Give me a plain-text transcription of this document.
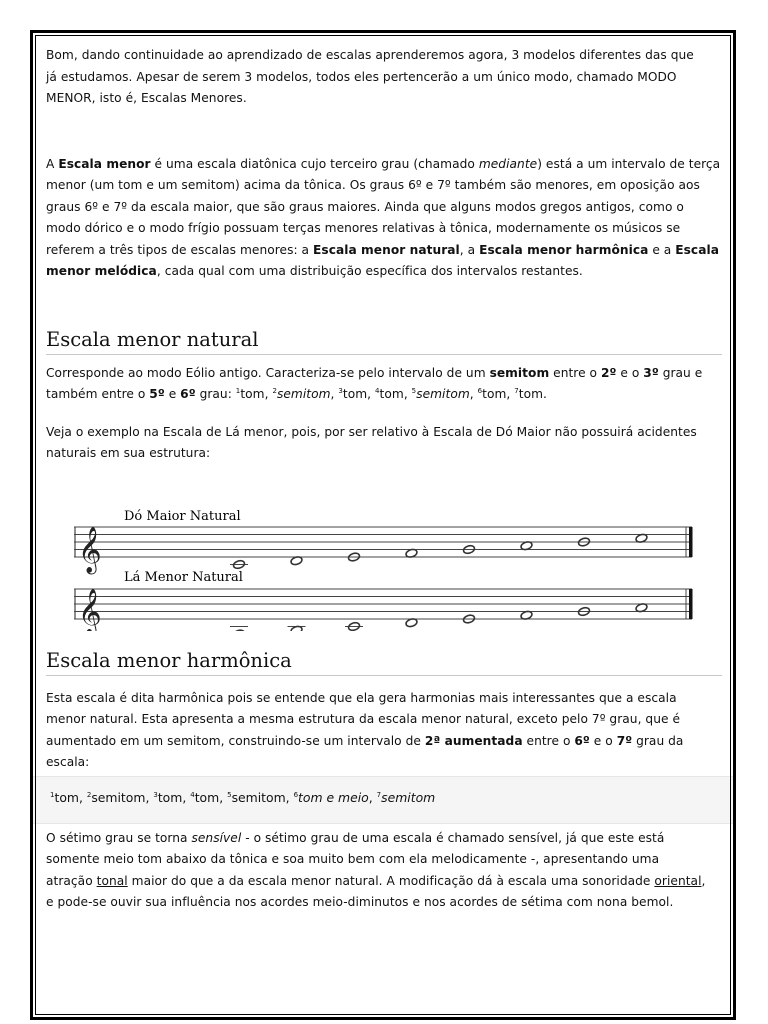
Bom, dando continuidade ao aprendizado de escalas aprenderemos agora, 3 modelos diferentes das que já estudamos. Apesar de serem 3 modelos, todos eles pertencerão a um único modo, chamado MODO MENOR, isto é, Escalas Menores.

A Escala menor é uma escala diatônica cujo terceiro grau (chamado mediante) está a um intervalo de terça menor (um tom e um semitom) acima da tônica. Os graus 6º e 7º também são menores, em oposição aos graus 6º e 7º da escala maior, que são graus maiores. Ainda que alguns modos gregos antigos, como o modo dórico e o modo frígio possuam terças menores relativas à tônica, modernamente os músicos se referem a três tipos de escalas menores: a Escala menor natural, a Escala menor harmônica e a Escala menor melódica, cada qual com uma distribuição específica dos intervalos restantes.

Escala menor natural

Corresponde ao modo Eólio antigo. Caracteriza-se pelo intervalo de um semitom entre o 2º e o 3º grau e também entre o 5º e 6º grau: $^1$tom, $^2$semitom, $^3$tom, $^4$tom, $^5$semitom, $^6$tom, $^7$tom.

Veja o exemplo na Escala de Lá menor, pois, por ser relativo à Escala de Dó Maior não possuirá acidentes naturais em sua estrutura:

Dó Maior Natural
Lá Menor Natural
𝄞
𝄞
Escala menor harmônica

Esta escala é dita harmônica pois se entende que ela gera harmonias mais interessantes que a escala menor natural. Esta apresenta a mesma estrutura da escala menor natural, exceto pelo 7º grau, que é aumentado em um semitom, construindo-se um intervalo de 2ª aumentada entre o 6º e o 7º grau da escala:

$^1$tom, $^2$semitom, $^3$tom, $^4$tom, $^5$semitom, $^6$tom e meio, $^7$semitom

O sétimo grau se torna sensível - o sétimo grau de uma escala é chamado sensível, já que este está somente meio tom abaixo da tônica e soa muito bem com ela melodicamente -, apresentando uma atração tonal maior do que a da escala menor natural. A modificação dá à escala uma sonoridade oriental, e pode-se ouvir sua influência nos acordes meio-diminutos e nos acordes de sétima com nona bemol.
